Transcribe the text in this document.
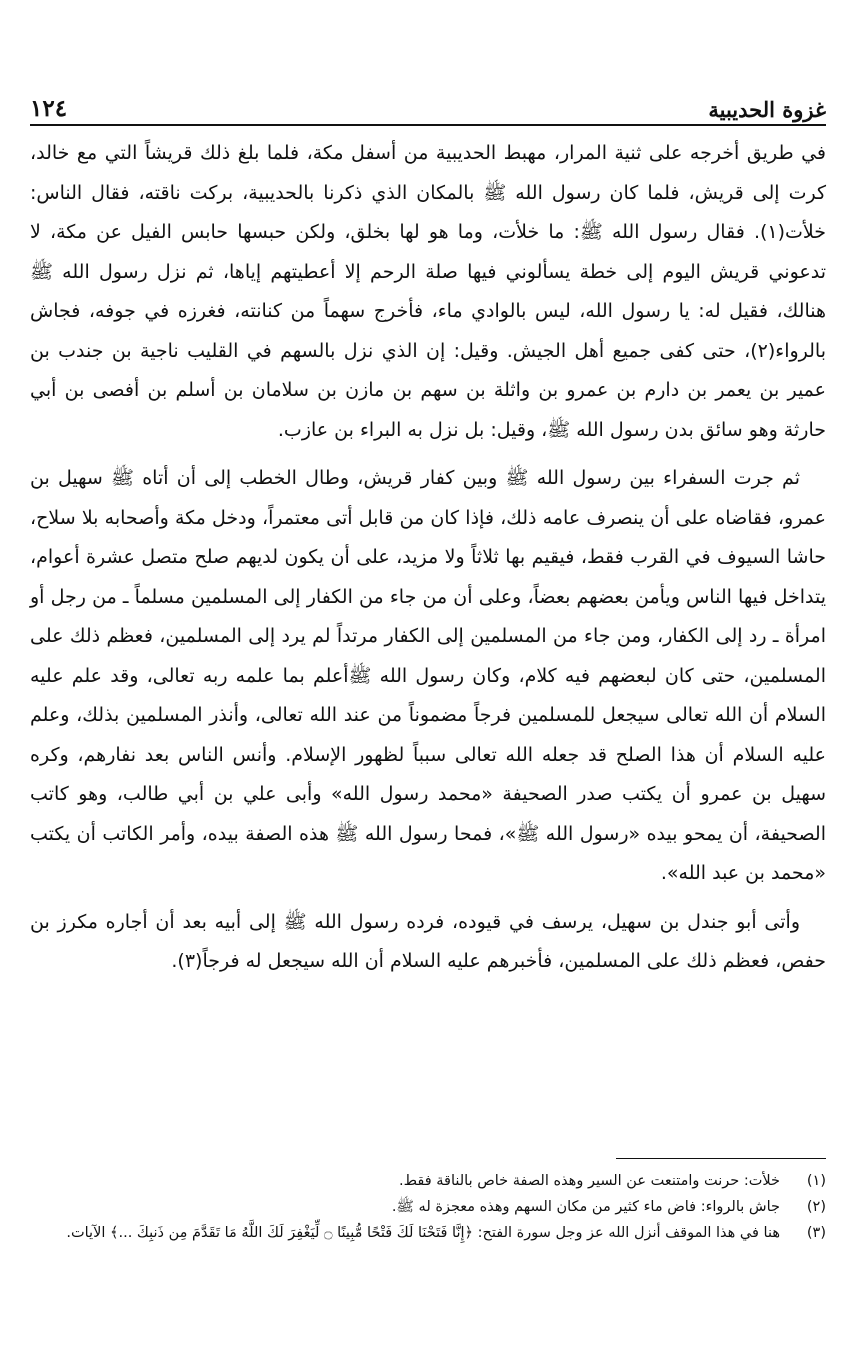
غزوة الحديبية
١٢٤

في طريق أخرجه على ثنية المرار، مهبط الحديبية من أسفل مكة، فلما بلغ ذلك قريشاً التي مع خالد، كرت إلى قريش، فلما كان رسول الله ﷺ بالمكان الذي ذكرنا بالحديبية، بركت ناقته، فقال الناس: خلأت(١). فقال رسول الله ﷺ: ما خلأت، وما هو لها بخلق، ولكن حبسها حابس الفيل عن مكة، لا تدعوني قريش اليوم إلى خطة يسألوني فيها صلة الرحم إلا أعطيتهم إياها، ثم نزل رسول الله ﷺ هنالك، فقيل له: يا رسول الله، ليس بالوادي ماء، فأخرج سهماً من كنانته، فغرزه في جوفه، فجاش بالرواء(٢)، حتى كفى جميع أهل الجيش. وقيل: إن الذي نزل بالسهم في القليب ناجية بن جندب بن عمير بن يعمر بن دارم بن عمرو بن واثلة بن سهم بن مازن بن سلامان بن أسلم بن أفصى بن أبي حارثة وهو سائق بدن رسول الله ﷺ، وقيل: بل نزل به البراء بن عازب.

ثم جرت السفراء بين رسول الله ﷺ وبين كفار قريش، وطال الخطب إلى أن أتاه ﷺ سهيل بن عمرو، فقاضاه على أن ينصرف عامه ذلك، فإذا كان من قابل أتى معتمراً، ودخل مكة وأصحابه بلا سلاح، حاشا السيوف في القرب فقط، فيقيم بها ثلاثاً ولا مزيد، على أن يكون لديهم صلح متصل عشرة أعوام، يتداخل فيها الناس ويأمن بعضهم بعضاً، وعلى أن من جاء من الكفار إلى المسلمين مسلماً ـ من رجل أو امرأة ـ رد إلى الكفار، ومن جاء من المسلمين إلى الكفار مرتداً لم يرد إلى المسلمين، فعظم ذلك على المسلمين، حتى كان لبعضهم فيه كلام، وكان رسول الله ﷺأعلم بما علمه ربه تعالى، وقد علم عليه السلام أن الله تعالى سيجعل للمسلمين فرجاً مضموناً من عند الله تعالى، وأنذر المسلمين بذلك، وعلم عليه السلام أن هذا الصلح قد جعله الله تعالى سبباً لظهور الإسلام. وأنس الناس بعد نفارهم، وكره سهيل بن عمرو أن يكتب صدر الصحيفة «محمد رسول الله» وأبى علي بن أبي طالب، وهو كاتب الصحيفة، أن يمحو بيده «رسول الله ﷺ»، فمحا رسول الله ﷺ هذه الصفة بيده، وأمر الكاتب أن يكتب «محمد بن عبد الله».

وأتى أبو جندل بن سهيل، يرسف في قيوده، فرده رسول الله ﷺ إلى أبيه بعد أن أجاره مكرز بن حفص، فعظم ذلك على المسلمين، فأخبرهم عليه السلام أن الله سيجعل له فرجاً(٣).

(١)
خلأت: حرنت وامتنعت عن السير وهذه الصفة خاص بالناقة فقط.
(٢)
جاش بالرواء: فاض ماء كثير من مكان السهم وهذه معجزة له ﷺ.
(٣)
هنا في هذا الموقف أنزل الله عز وجل سورة الفتح: ﴿إِنَّا فَتَحْنَا لَكَ فَتْحًا مُّبِينًا ۝ لِّيَغْفِرَ لَكَ اللَّهُ مَا تَقَدَّمَ مِن ذَنبِكَ ...﴾ الآيات.
